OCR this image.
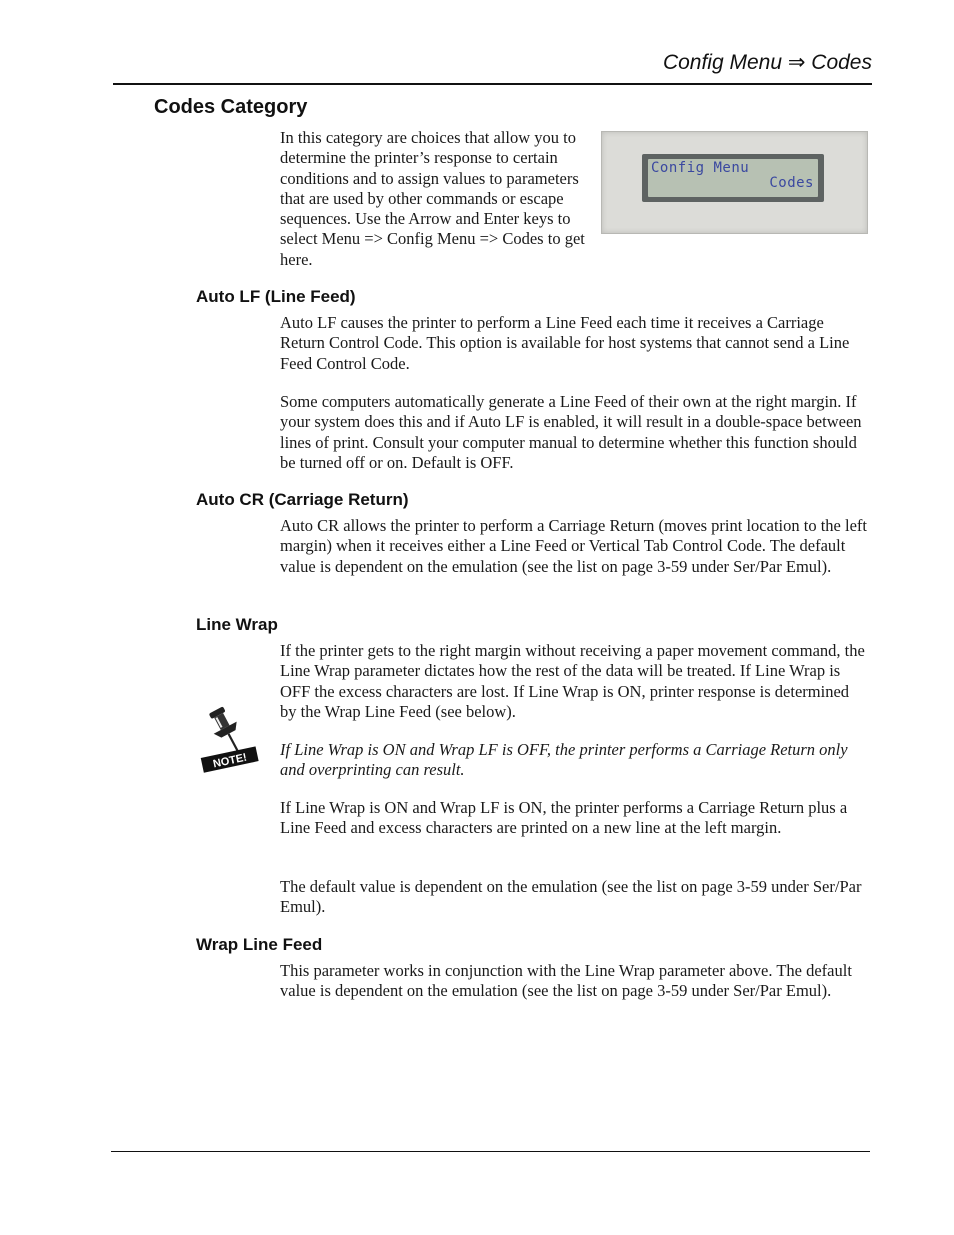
Config Menu ⇒ Codes
Codes Category

In this category are choices that allow you to determine the printer’s response to certain conditions and to assign values to parameters that are used by other commands or escape sequences. Use the Arrow and Enter keys to select Menu => Config Menu => Codes to get here.

Config Menu
Codes
Auto LF (Line Feed)

Auto LF causes the printer to perform a Line Feed each time it receives a Carriage Return Control Code. This option is available for host systems that cannot send a Line Feed Control Code.

Some computers automatically generate a Line Feed of their own at the right margin. If your system does this and if Auto LF is enabled, it will result in a double-space between lines of print. Consult your computer manual to determine whether this function should be turned off or on. Default is OFF.

Auto CR (Carriage Return)

Auto CR allows the printer to perform a Carriage Return (moves print location to the left margin) when it receives either a Line Feed or Vertical Tab Control Code. The default value is dependent on the emulation (see the list on page 3-59 under Ser/Par Emul).

Line Wrap

If the printer gets to the right margin without receiving a paper movement command, the Line Wrap parameter dictates how the rest of the data will be treated. If Line Wrap is OFF the excess characters are lost. If Line Wrap is ON, printer response is determined by the Wrap Line Feed (see below).

NOTE!

If Line Wrap is ON and Wrap LF is OFF, the printer performs a Carriage Return only and overprinting can result.

If Line Wrap is ON and Wrap LF is ON, the printer performs a Carriage Return plus a Line Feed and excess characters are printed on a new line at the left margin.

The default value is dependent on the emulation (see the list on page 3-59 under Ser/Par Emul).

Wrap Line Feed

This parameter works in conjunction with the Line Wrap parameter above. The default value is dependent on the emulation (see the list on page 3-59 under Ser/Par Emul).
